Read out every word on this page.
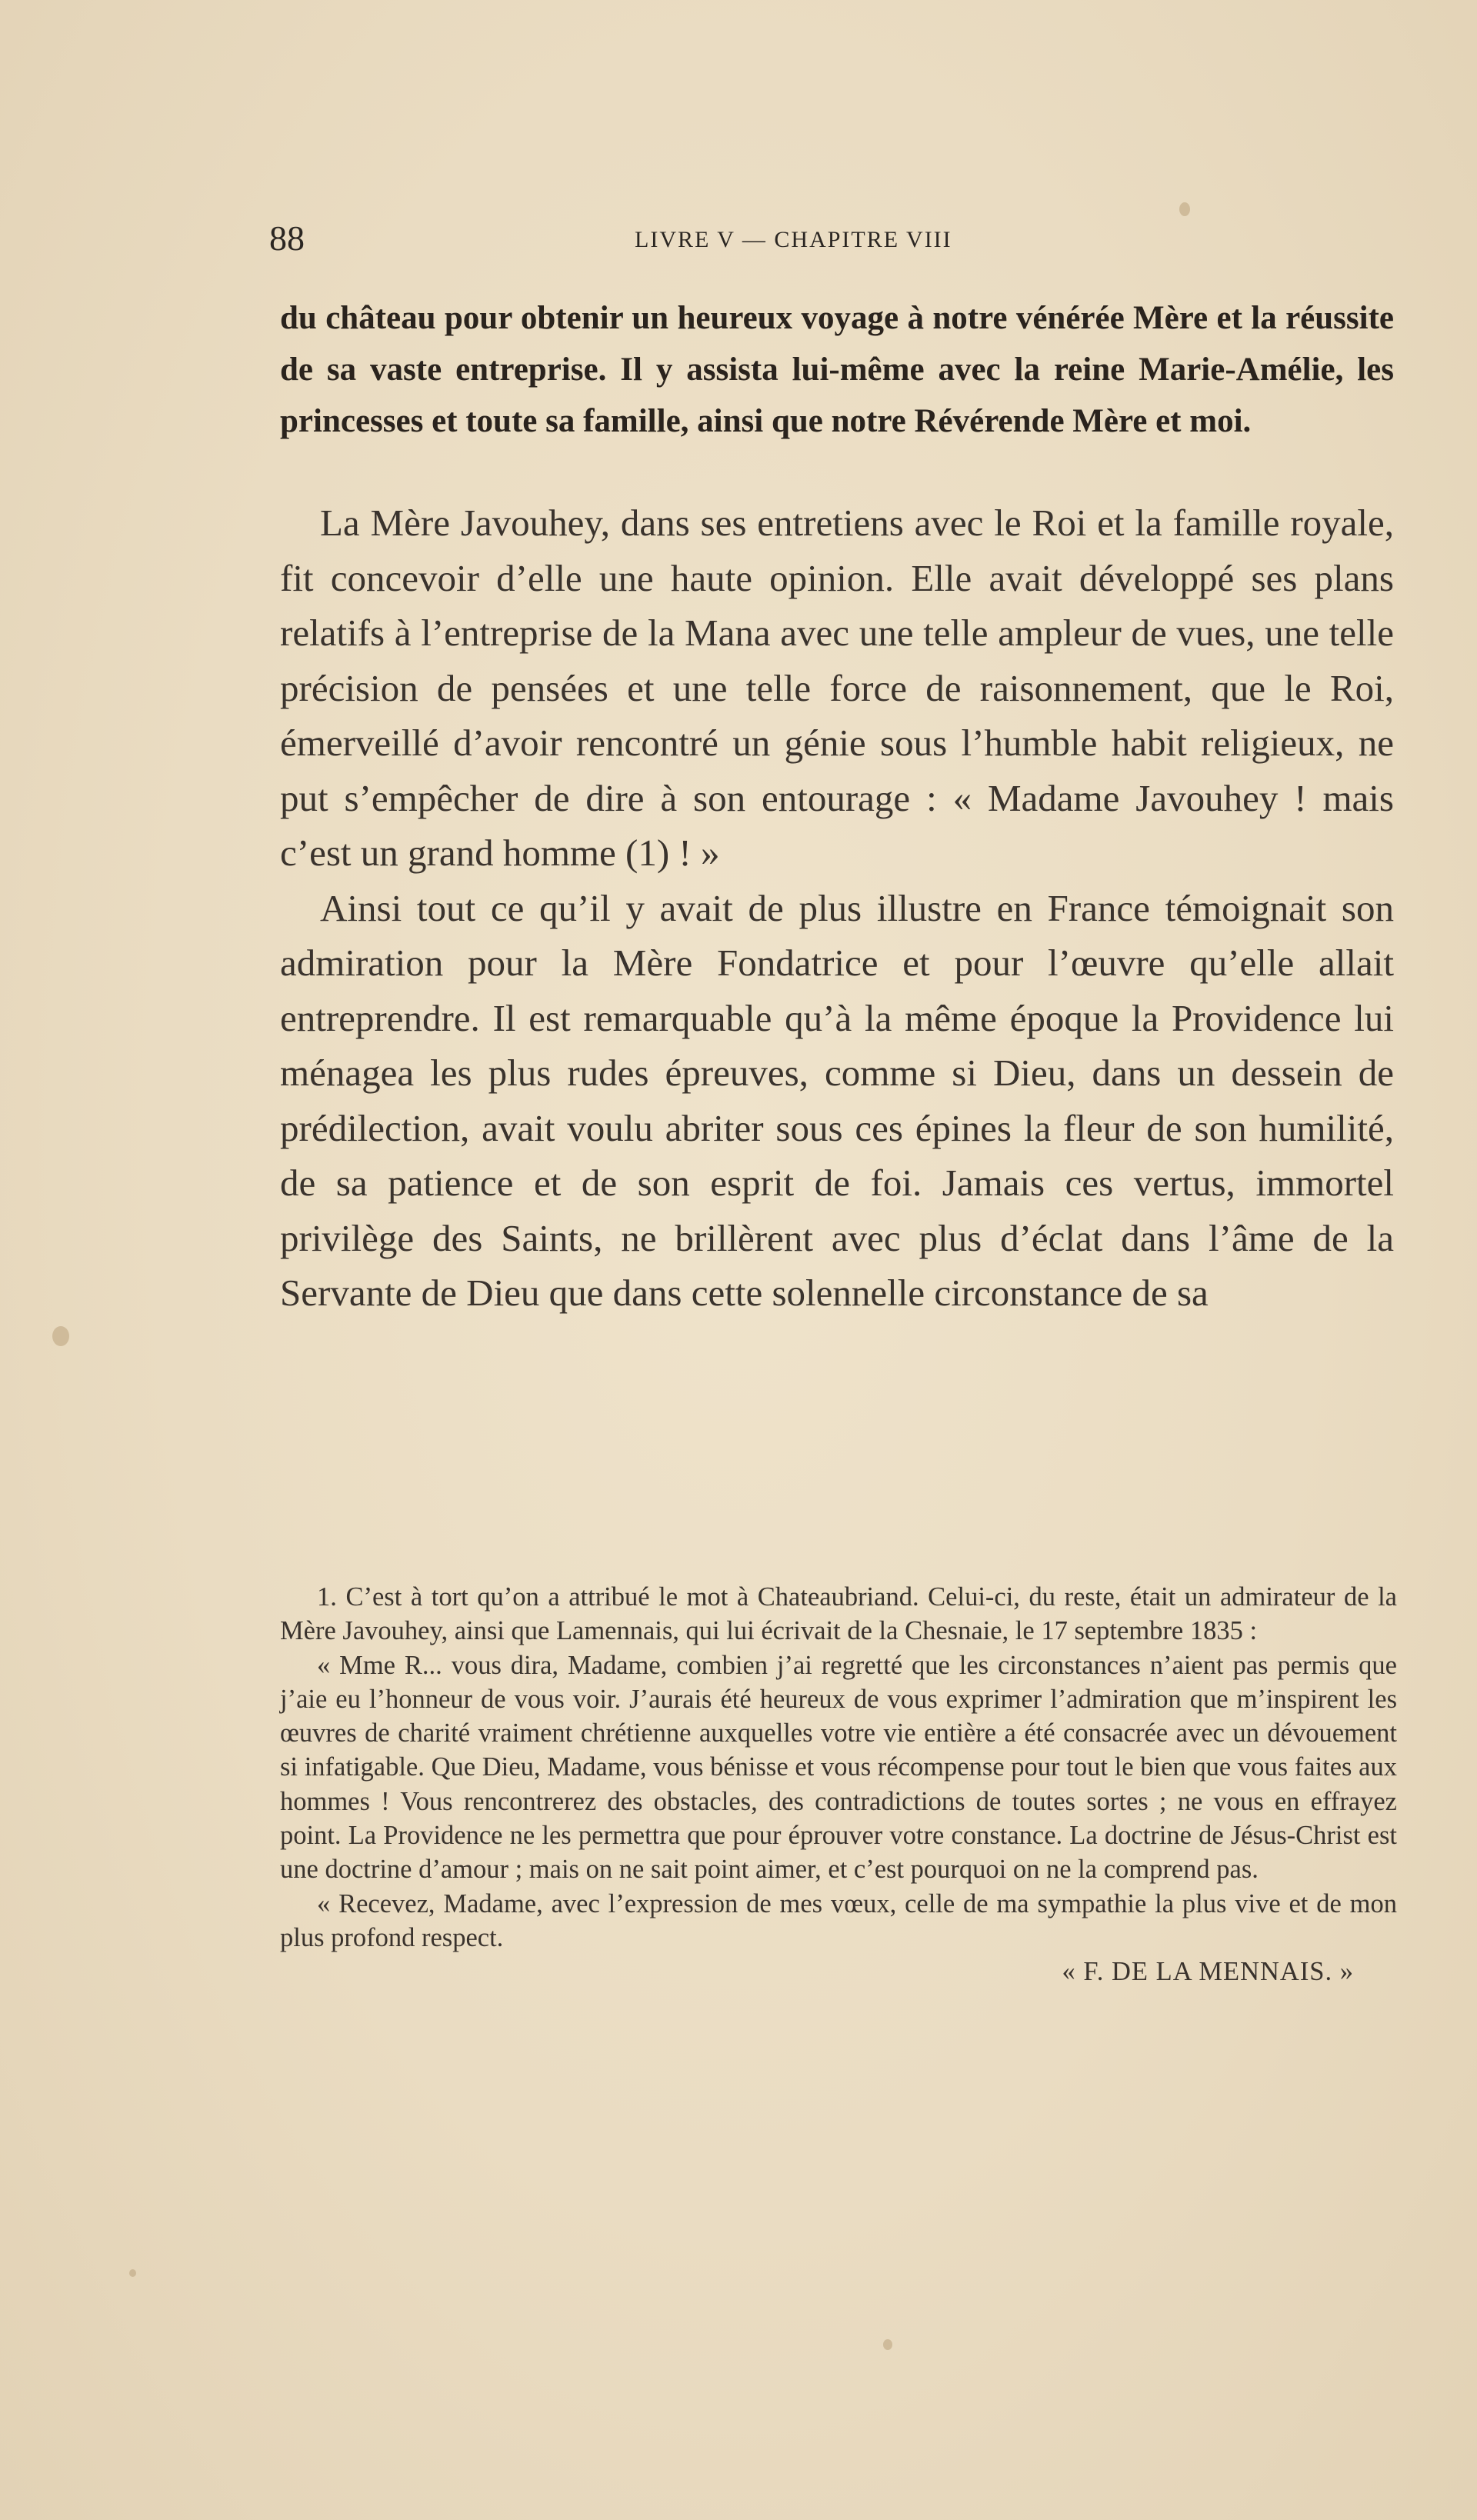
88	LIVRE V — CHAPITRE VIII

du château pour obtenir un heureux voyage à notre vénérée Mère et la réussite de sa vaste entreprise. Il y assista lui-même avec la reine Marie-Amélie, les princesses et toute sa famille, ainsi que notre Révérende Mère et moi.

La Mère Javouhey, dans ses entretiens avec le Roi et la famille royale, fit concevoir d’elle une haute opinion. Elle avait développé ses plans relatifs à l’entreprise de la Mana avec une telle ampleur de vues, une telle précision de pensées et une telle force de raisonnement, que le Roi, émerveillé d’avoir rencontré un génie sous l’humble habit religieux, ne put s’empêcher de dire à son entourage : « Madame Javouhey ! mais c’est un grand homme (1) ! »

Ainsi tout ce qu’il y avait de plus illustre en France témoignait son admiration pour la Mère Fondatrice et pour l’œuvre qu’elle allait entreprendre. Il est remarquable qu’à la même époque la Providence lui ménagea les plus rudes épreuves, comme si Dieu, dans un dessein de prédilection, avait voulu abriter sous ces épines la fleur de son humilité, de sa patience et de son esprit de foi. Jamais ces vertus, immortel privilège des Saints, ne brillèrent avec plus d’éclat dans l’âme de la Servante de Dieu que dans cette solennelle circonstance de sa

1. C’est à tort qu’on a attribué le mot à Chateaubriand. Celui-ci, du reste, était un admirateur de la Mère Javouhey, ainsi que Lamennais, qui lui écrivait de la Chesnaie, le 17 septembre 1835 :

« Mme R... vous dira, Madame, combien j’ai regretté que les circonstances n’aient pas permis que j’aie eu l’honneur de vous voir. J’aurais été heureux de vous exprimer l’admiration que m’inspirent les œuvres de charité vraiment chrétienne auxquelles votre vie entière a été consacrée avec un dévouement si infatigable. Que Dieu, Madame, vous bénisse et vous récompense pour tout le bien que vous faites aux hommes ! Vous rencontrerez des obstacles, des contradictions de toutes sortes ; ne vous en effrayez point. La Providence ne les permettra que pour éprouver votre constance. La doctrine de Jésus-Christ est une doctrine d’amour ; mais on ne sait point aimer, et c’est pourquoi on ne la comprend pas.

« Recevez, Madame, avec l’expression de mes vœux, celle de ma sympathie la plus vive et de mon plus profond respect.

« F. DE LA MENNAIS. »
